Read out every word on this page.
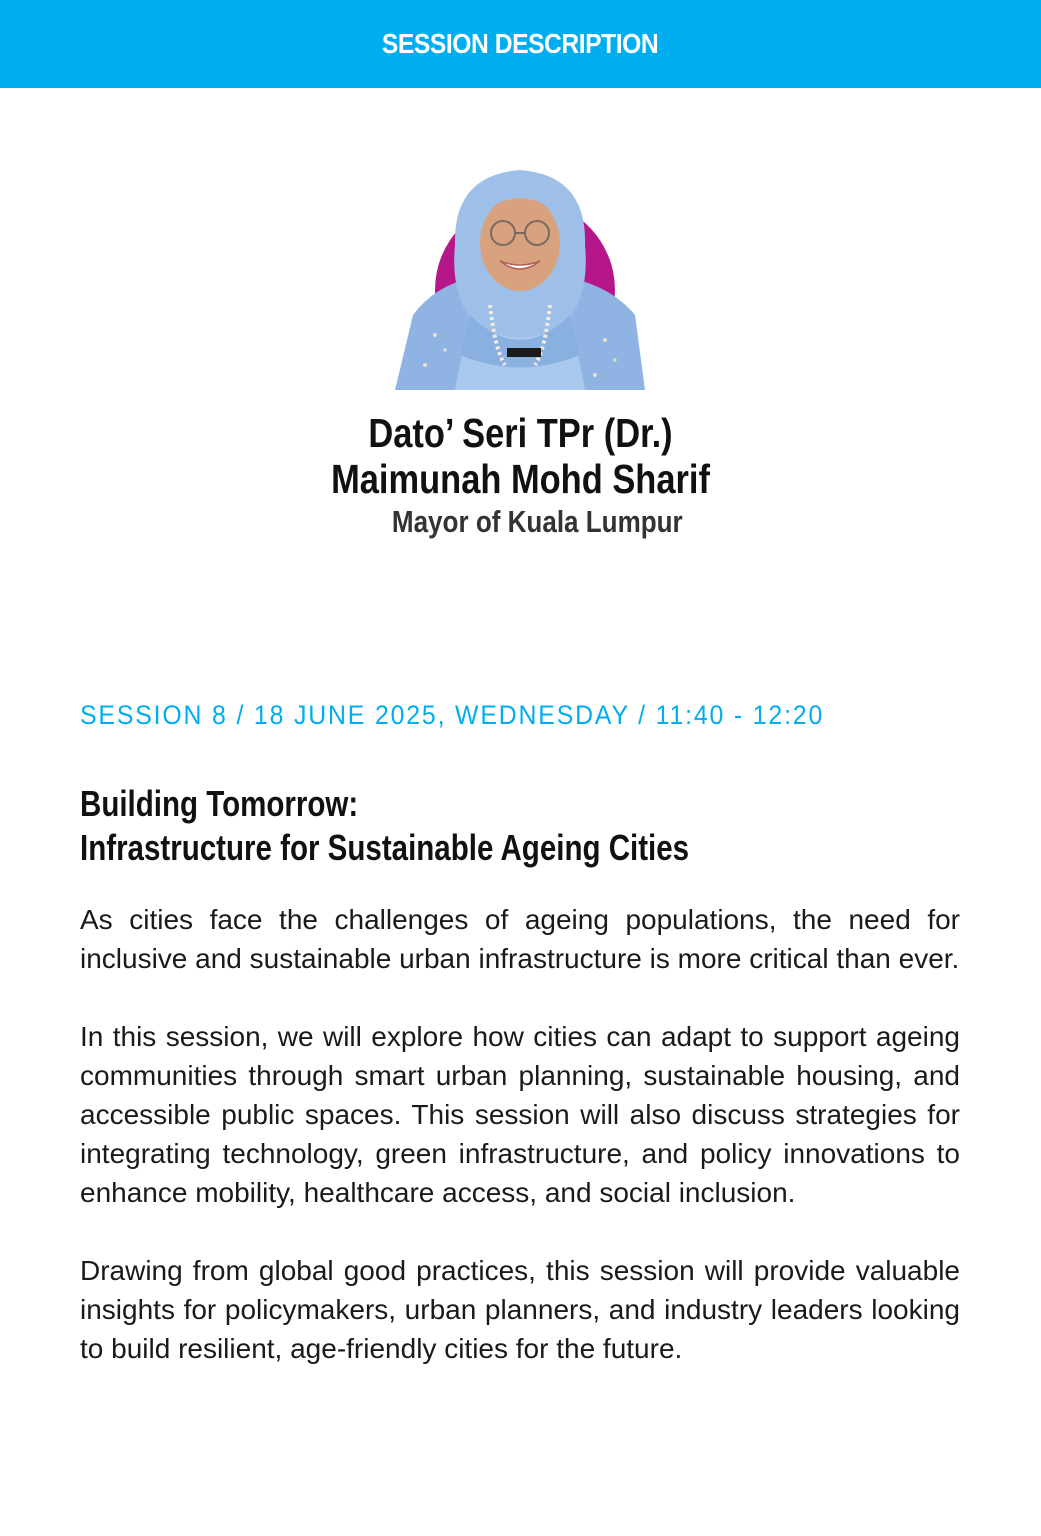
SESSION DESCRIPTION
Dato’ Seri TPr (Dr.)
Maimunah Mohd Sharif
Mayor of Kuala Lumpur
SESSION 8 / 18 JUNE 2025, WEDNESDAY / 11:40 - 12:20
Building Tomorrow:
Infrastructure for Sustainable Ageing Cities

As cities face the challenges of ageing populations, the need for inclusive and sustainable urban infrastructure is more critical than ever.

In this session, we will explore how cities can adapt to support ageing communities through smart urban planning, sustainable housing, and accessible public spaces. This session will also discuss strategies for integrating technology, green infrastructure, and policy innovations to enhance mobility, healthcare access, and social inclusion.

Drawing from global good practices, this session will provide valuable insights for policymakers, urban planners, and industry leaders looking to build resilient, age-friendly cities for the future.
